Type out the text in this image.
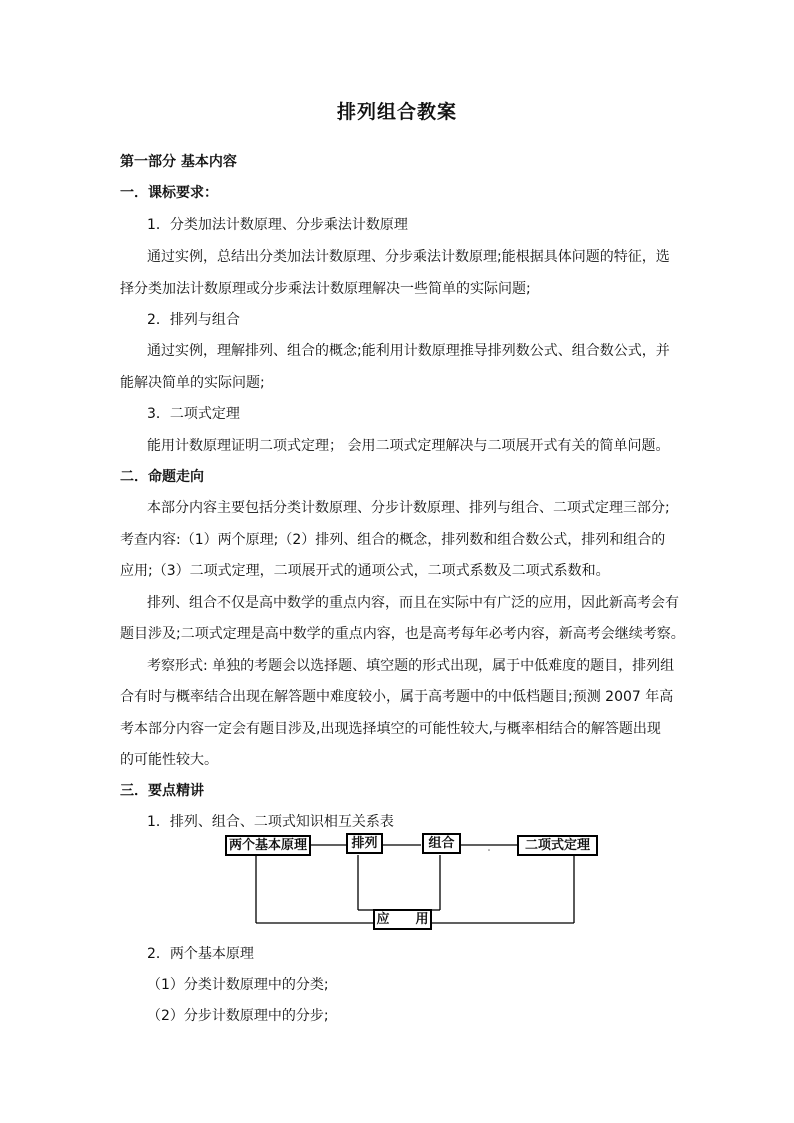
排列组合教案
第一部分 基本内容
一．课标要求：
1．分类加法计数原理、分步乘法计数原理
通过实例，总结出分类加法计数原理、分步乘法计数原理;能根据具体问题的特征，选
择分类加法计数原理或分步乘法计数原理解决一些简单的实际问题;
2．排列与组合
通过实例，理解排列、组合的概念;能利用计数原理推导排列数公式、组合数公式，并
能解决简单的实际问题;
3．二项式定理
能用计数原理证明二项式定理； 会用二项式定理解决与二项展开式有关的简单问题。
二．命题走向
本部分内容主要包括分类计数原理、分步计数原理、排列与组合、二项式定理三部分;
考查内容:（1）两个原理;（2）排列、组合的概念，排列数和组合数公式，排列和组合的
应用;（3）二项式定理，二项展开式的通项公式，二项式系数及二项式系数和。
排列、组合不仅是高中数学的重点内容，而且在实际中有广泛的应用，因此新高考会有
题目涉及;二项式定理是高中数学的重点内容，也是高考每年必考内容，新高考会继续考察。
考察形式: 单独的考题会以选择题、填空题的形式出现，属于中低难度的题目，排列组
合有时与概率结合出现在解答题中难度较小，属于高考题中的中低档题目;预测 2007 年高
考本部分内容一定会有题目涉及,出现选择填空的可能性较大,与概率相结合的解答题出现
的可能性较大。
三．要点精讲
1．排列、组合、二项式知识相互关系表
两个基本原理	排列	组合	二项式定理
应　　用
2．两个基本原理
（1）分类计数原理中的分类;
（2）分步计数原理中的分步;
